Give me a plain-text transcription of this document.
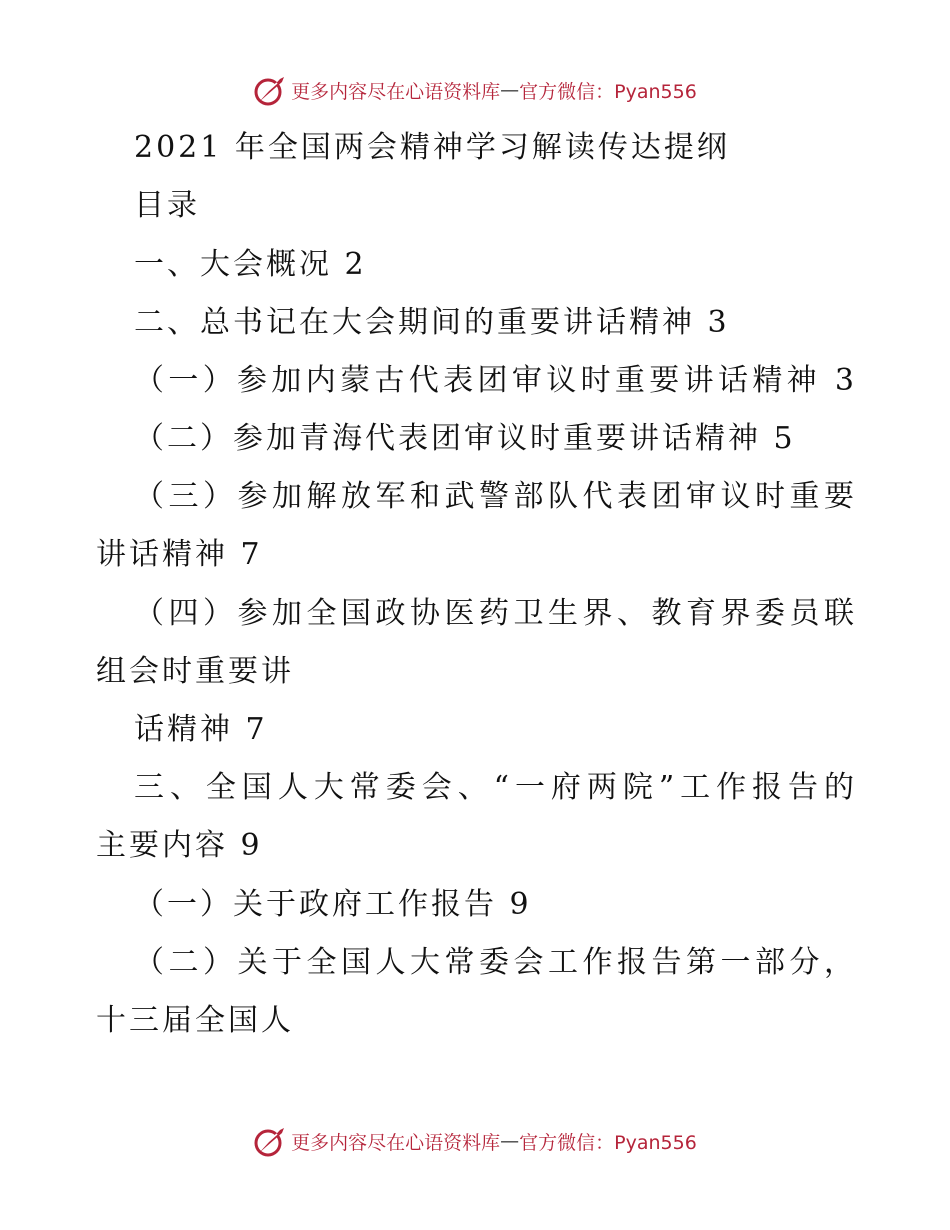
更多内容尽在心语资料库 — 官方微信：Pyan556
2021 年全国两会精神学习解读传达提纲
目录
一、大会概况 2
二、总书记在大会期间的重要讲话精神 3
（一）参加内蒙古代表团审议时重要讲话精神 3
（二）参加青海代表团审议时重要讲话精神 5
（三）参加解放军和武警部队代表团审议时重要
讲话精神 7
（四）参加全国政协医药卫生界、教育界委员联
组会时重要讲
话精神 7
三、全国人大常委会、“一府两院”工作报告的
主要内容 9
（一）关于政府工作报告 9
（二）关于全国人大常委会工作报告第一部分，
十三届全国人
更多内容尽在心语资料库 — 官方微信：Pyan556
